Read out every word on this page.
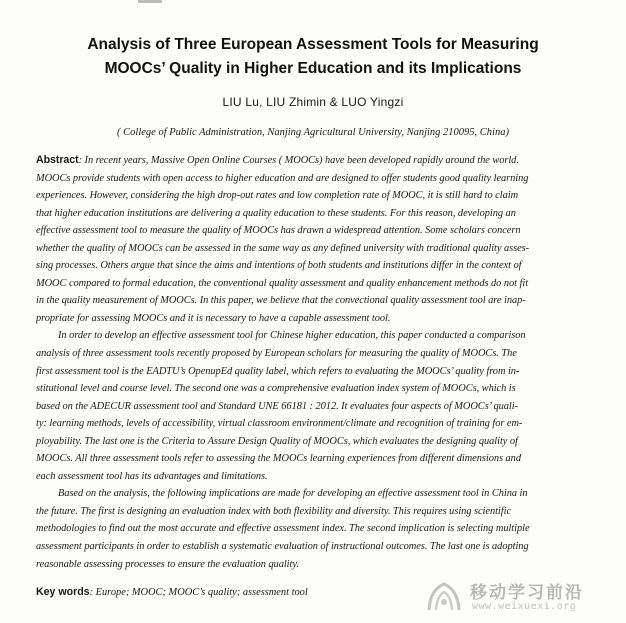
Analysis of Three European Assessment Tools for Measuring
MOOCs’ Quality in Higher Education and its Implications
LIU Lu, LIU Zhimin & LUO Yingzi
( College of Public Administration, Nanjing Agricultural University, Nanjing 210095, China)
Abstract: In recent years, Massive Open Online Courses ( MOOCs) have been developed rapidly around the world.
MOOCs provide students with open access to higher education and are designed to offer students good quality learning
experiences. However, considering the high drop-out rates and low completion rate of MOOC, it is still hard to claim
that higher education institutions are delivering a quality education to these students. For this reason, developing an
effective assessment tool to measure the quality of MOOCs has drawn a widespread attention. Some scholars concern
whether the quality of MOOCs can be assessed in the same way as any defined university with traditional quality asses-
sing processes. Others argue that since the aims and intentions of both students and institutions differ in the context of
MOOC compared to formal education, the conventional quality assessment and quality enhancement methods do not fit
in the quality measurement of MOOCs. In this paper, we believe that the convectional quality assessment tool are inap-
propriate for assessing MOOCs and it is necessary to have a capable assessment tool.
In order to develop an effective assessment tool for Chinese higher education, this paper conducted a comparison
analysis of three assessment tools recently proposed by European scholars for measuring the quality of MOOCs. The
first assessment tool is the EADTU’s OpenupEd quality label, which refers to evaluating the MOOCs’ quality from in-
stitutional level and course level. The second one was a comprehensive evaluation index system of MOOCs, which is
based on the ADECUR assessment tool and Standard UNE 66181 : 2012. It evaluates four aspects of MOOCs’ quali-
ty: learning methods, levels of accessibility, virtual classroom environment/climate and recognition of training for em-
ployability. The last one is the Criteria to Assure Design Quality of MOOCs, which evaluates the designing quality of
MOOCs. All three assessment tools refer to assessing the MOOCs learning experiences from different dimensions and
each assessment tool has its advantages and limitations.
Based on the analysis, the following implications are made for developing an effective assessment tool in China in
the future. The first is designing an evaluation index with both flexibility and diversity. This requires using scientific
methodologies to find out the most accurate and effective assessment index. The second implication is selecting multiple
assessment participants in order to establish a systematic evaluation of instructional outcomes. The last one is adopting
reasonable assessing processes to ensure the evaluation quality.
Key words: Europe; MOOC; MOOC’s quality; assessment tool	移动学习前沿
www.weixuexi.org
